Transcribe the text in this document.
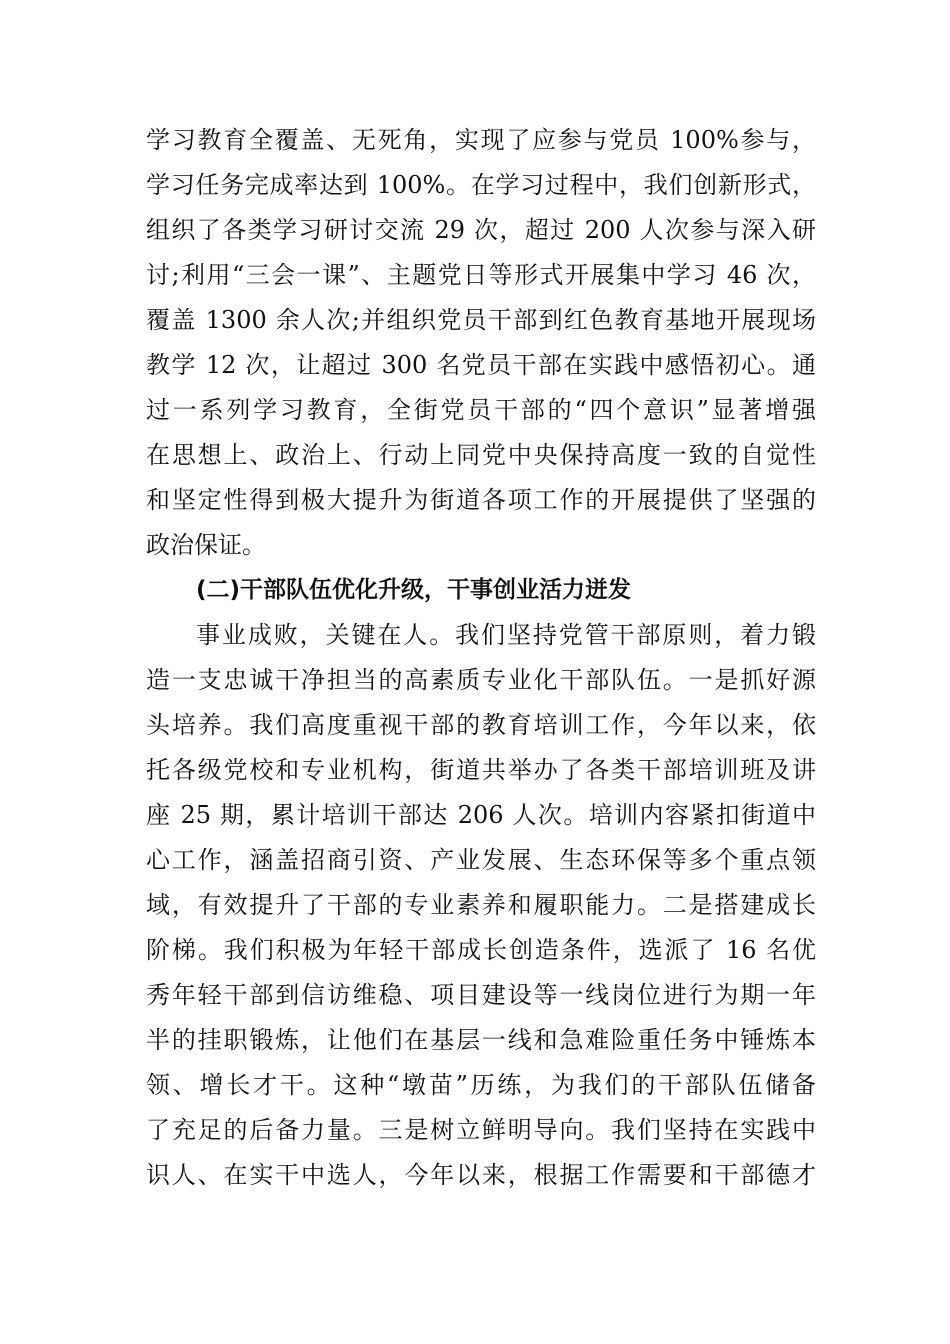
学习教育全覆盖、无死角，实现了应参与党员 100%参与，
学习任务完成率达到 100%。在学习过程中，我们创新形式，
组织了各类学习研讨交流 29 次，超过 200 人次参与深入研
讨;利用“三会一课”、主题党日等形式开展集中学习 46 次，
覆盖 1300 余人次;并组织党员干部到红色教育基地开展现场
教学 12 次，让超过 300 名党员干部在实践中感悟初心。通
过一系列学习教育，全街党员干部的“四个意识”显著增强
在思想上、政治上、行动上同党中央保持高度一致的自觉性
和坚定性得到极大提升为街道各项工作的开展提供了坚强的
政治保证。
(二)干部队伍优化升级，干事创业活力迸发
事业成败，关键在人。我们坚持党管干部原则，着力锻
造一支忠诚干净担当的高素质专业化干部队伍。一是抓好源
头培养。我们高度重视干部的教育培训工作，今年以来，依
托各级党校和专业机构，街道共举办了各类干部培训班及讲
座 25 期，累计培训干部达 206 人次。培训内容紧扣街道中
心工作，涵盖招商引资、产业发展、生态环保等多个重点领
域，有效提升了干部的专业素养和履职能力。二是搭建成长
阶梯。我们积极为年轻干部成长创造条件，选派了 16 名优
秀年轻干部到信访维稳、项目建设等一线岗位进行为期一年
半的挂职锻炼，让他们在基层一线和急难险重任务中锤炼本
领、增长才干。这种“墩苗”历练，为我们的干部队伍储备
了充足的后备力量。三是树立鲜明导向。我们坚持在实践中
识人、在实干中选人，今年以来，根据工作需要和干部德才
